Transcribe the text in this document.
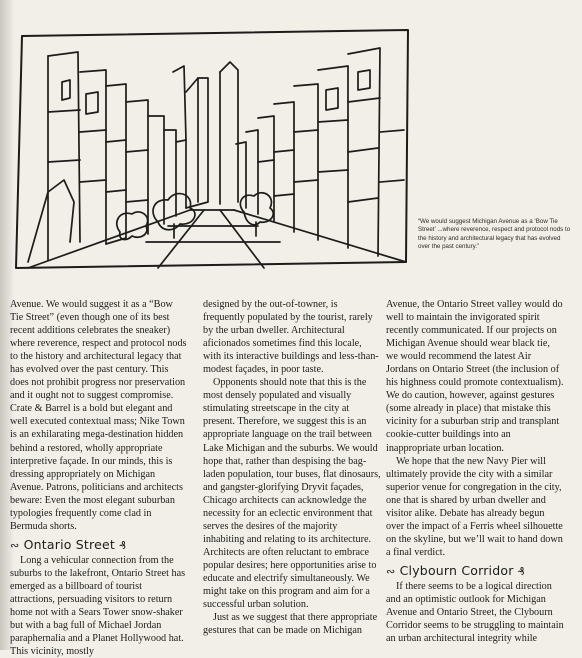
“We would suggest Michigan Avenue as a ‘Bow Tie Street’ ...where reverence, respect and protocol nods to the history and architectural legacy that has evolved over the past century.”

Avenue. We would suggest it as a “Bow Tie Street” (even though one of its best recent additions celebrates the sneaker) where reverence, respect and protocol nods to the history and architectural legacy that has evolved over the past century. This does not prohibit progress nor preservation and it ought not to suggest compromise. Crate & Barrel is a bold but elegant and well executed contextual mass; Nike Town is an exhilarating mega-destination hidden behind a restored, wholly appropriate interpretive façade. In our minds, this is dressing appropriately on Michigan Avenue. Patrons, politicians and architects beware: Even the most elegant suburban typologies frequently come clad in Bermuda shorts.

∾ Ontario Street ₰

Long a vehicular connection from the suburbs to the lakefront, Ontario Street has emerged as a billboard of tourist attractions, persuading visitors to return home not with a Sears Tower snow-shaker but with a bag full of Michael Jordan paraphernalia and a Planet Hollywood hat. This vicinity, mostly

designed by the out-of-towner, is frequently populated by the tourist, rarely by the urban dweller. Architectural aficionados sometimes find this locale, with its interactive buildings and less-than-modest façades, in poor taste.

Opponents should note that this is the most densely populated and visually stimulating streetscape in the city at present. Therefore, we suggest this is an appropriate language on the trail between Lake Michigan and the suburbs. We would hope that, rather than despising the bag-laden population, tour buses, flat dinosaurs, and gangster-glorifying Dryvit façades, Chicago architects can acknowledge the necessity for an eclectic environment that serves the desires of the majority inhabiting and relating to its architecture. Architects are often reluctant to embrace popular desires; here opportunities arise to educate and electrify simultaneously. We might take on this program and aim for a successful urban solution.

Just as we suggest that there appropriate gestures that can be made on Michigan

Avenue, the Ontario Street valley would do well to maintain the invigorated spirit recently communicated. If our projects on Michigan Avenue should wear black tie, we would recommend the latest Air Jordans on Ontario Street (the inclusion of his highness could promote contextualism). We do caution, however, against gestures (some already in place) that mistake this vicinity for a suburban strip and transplant cookie-cutter buildings into an inappropriate urban location.

We hope that the new Navy Pier will ultimately provide the city with a similar superior venue for congregation in the city, one that is shared by urban dweller and visitor alike. Debate has already begun over the impact of a Ferris wheel silhouette on the skyline, but we’ll wait to hand down a final verdict.

∾ Clybourn Corridor ₰

If there seems to be a logical direction and an optimistic outlook for Michigan Avenue and Ontario Street, the Clybourn Corridor seems to be struggling to maintain an urban architectural integrity while
